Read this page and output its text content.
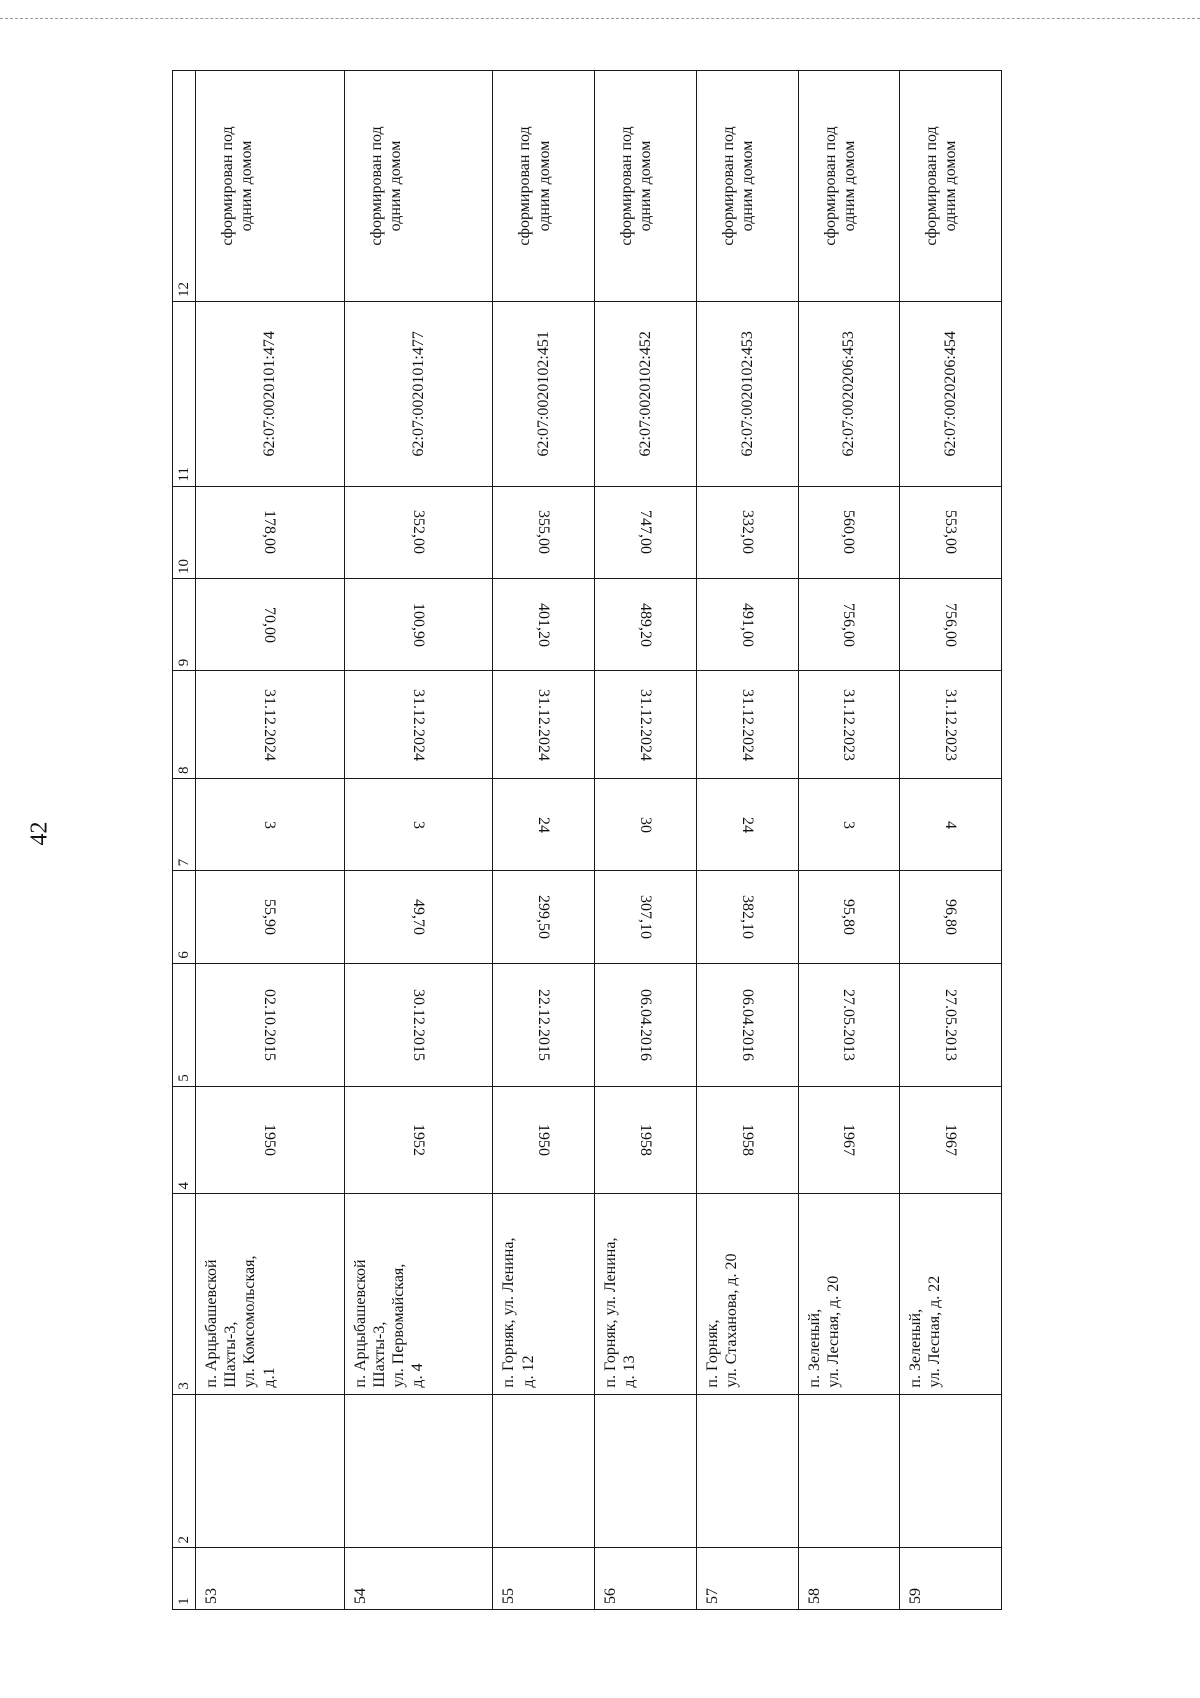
42
1	2	3	4	5	6	7	8	9	10	11	12
53		п. Арцыбашевской Шахты-3, ул. Комсомольская, д.1	1950	02.10.2015	55,90	3	31.12.2024	70,00	178,00	62:07:0020101:474	сформирован под одним домом

54		п. Арцыбашевской Шахты-3, ул. Первомайская, д. 4	1952	30.12.2015	49,70	3	31.12.2024	100,90	352,00	62:07:0020101:477	сформирован под одним домом

55		п. Горняк, ул. Ленина, д. 12	1950	22.12.2015	299,50	24	31.12.2024	401,20	355,00	62:07:0020102:451	сформирован под одним домом

56		п. Горняк, ул. Ленина, д. 13	1958	06.04.2016	307,10	30	31.12.2024	489,20	747,00	62:07:0020102:452	сформирован под одним домом

57		п. Горняк, ул. Стаханова, д. 20	1958	06.04.2016	382,10	24	31.12.2024	491,00	332,00	62:07:0020102:453	сформирован под одним домом

58		п. Зеленый, ул. Лесная, д. 20	1967	27.05.2013	95,80	3	31.12.2023	756,00	560,00	62:07:0020206:453	сформирован под одним домом

59		п. Зеленый, ул. Лесная, д. 22	1967	27.05.2013	96,80	4	31.12.2023	756,00	553,00	62:07:0020206:454	сформирован под одним домом
